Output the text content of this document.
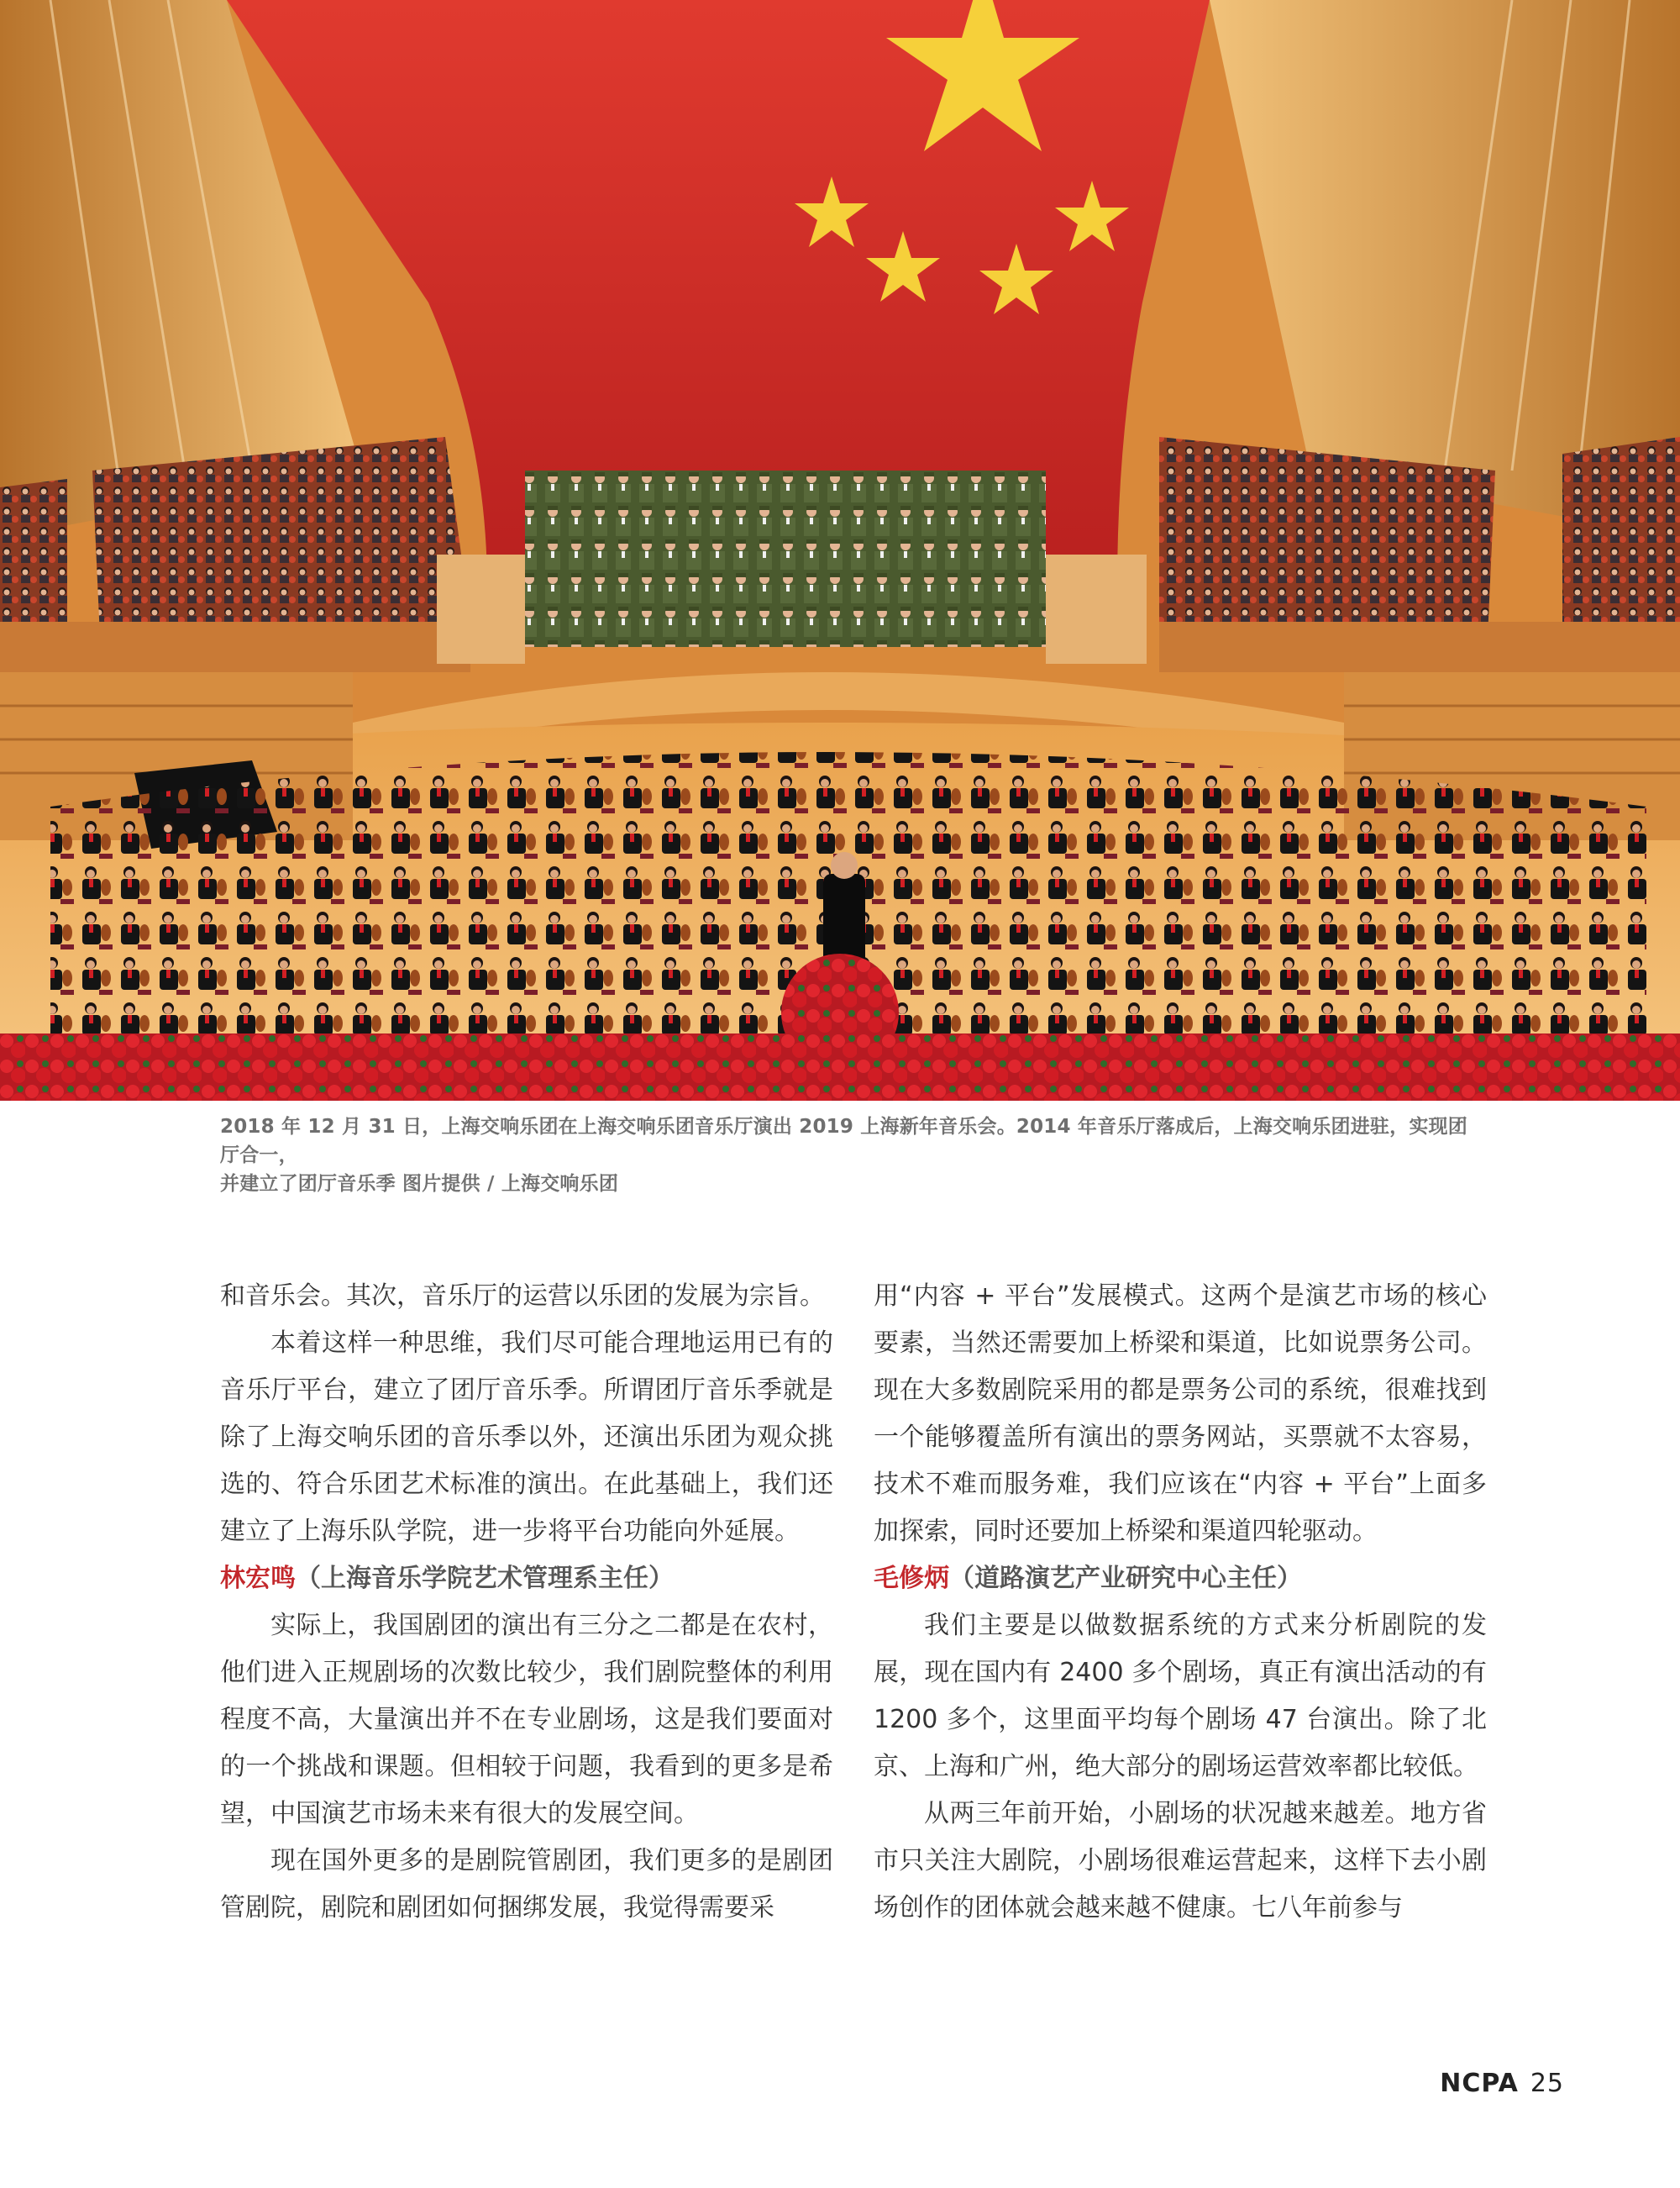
2018 年 12 月 31 日，上海交响乐团在上海交响乐团音乐厅演出 2019 上海新年音乐会。2014 年音乐厅落成后，上海交响乐团进驻，实现团厅合一，

并建立了团厅音乐季 图片提供 / 上海交响乐团

和音乐会。其次，音乐厅的运营以乐团的发展为宗旨。

本着这样一种思维，我们尽可能合理地运用已有的音乐厅平台，建立了团厅音乐季。所谓团厅音乐季就是除了上海交响乐团的音乐季以外，还演出乐团为观众挑选的、符合乐团艺术标准的演出。在此基础上，我们还建立了上海乐队学院，进一步将平台功能向外延展。

林宏鸣（上海音乐学院艺术管理系主任）

实际上，我国剧团的演出有三分之二都是在农村，他们进入正规剧场的次数比较少，我们剧院整体的利用程度不高，大量演出并不在专业剧场，这是我们要面对的一个挑战和课题。但相较于问题，我看到的更多是希望，中国演艺市场未来有很大的发展空间。

现在国外更多的是剧院管剧团，我们更多的是剧团管剧院，剧院和剧团如何捆绑发展，我觉得需要采

用“内容 + 平台”发展模式。这两个是演艺市场的核心要素，当然还需要加上桥梁和渠道，比如说票务公司。现在大多数剧院采用的都是票务公司的系统，很难找到一个能够覆盖所有演出的票务网站，买票就不太容易，技术不难而服务难，我们应该在“内容 + 平台”上面多加探索，同时还要加上桥梁和渠道四轮驱动。

毛修炳（道路演艺产业研究中心主任）

我们主要是以做数据系统的方式来分析剧院的发展，现在国内有 2400 多个剧场，真正有演出活动的有 1200 多个，这里面平均每个剧场 47 台演出。除了北京、上海和广州，绝大部分的剧场运营效率都比较低。

从两三年前开始，小剧场的状况越来越差。地方省市只关注大剧院，小剧场很难运营起来，这样下去小剧场创作的团体就会越来越不健康。七八年前参与

NCPA 25
